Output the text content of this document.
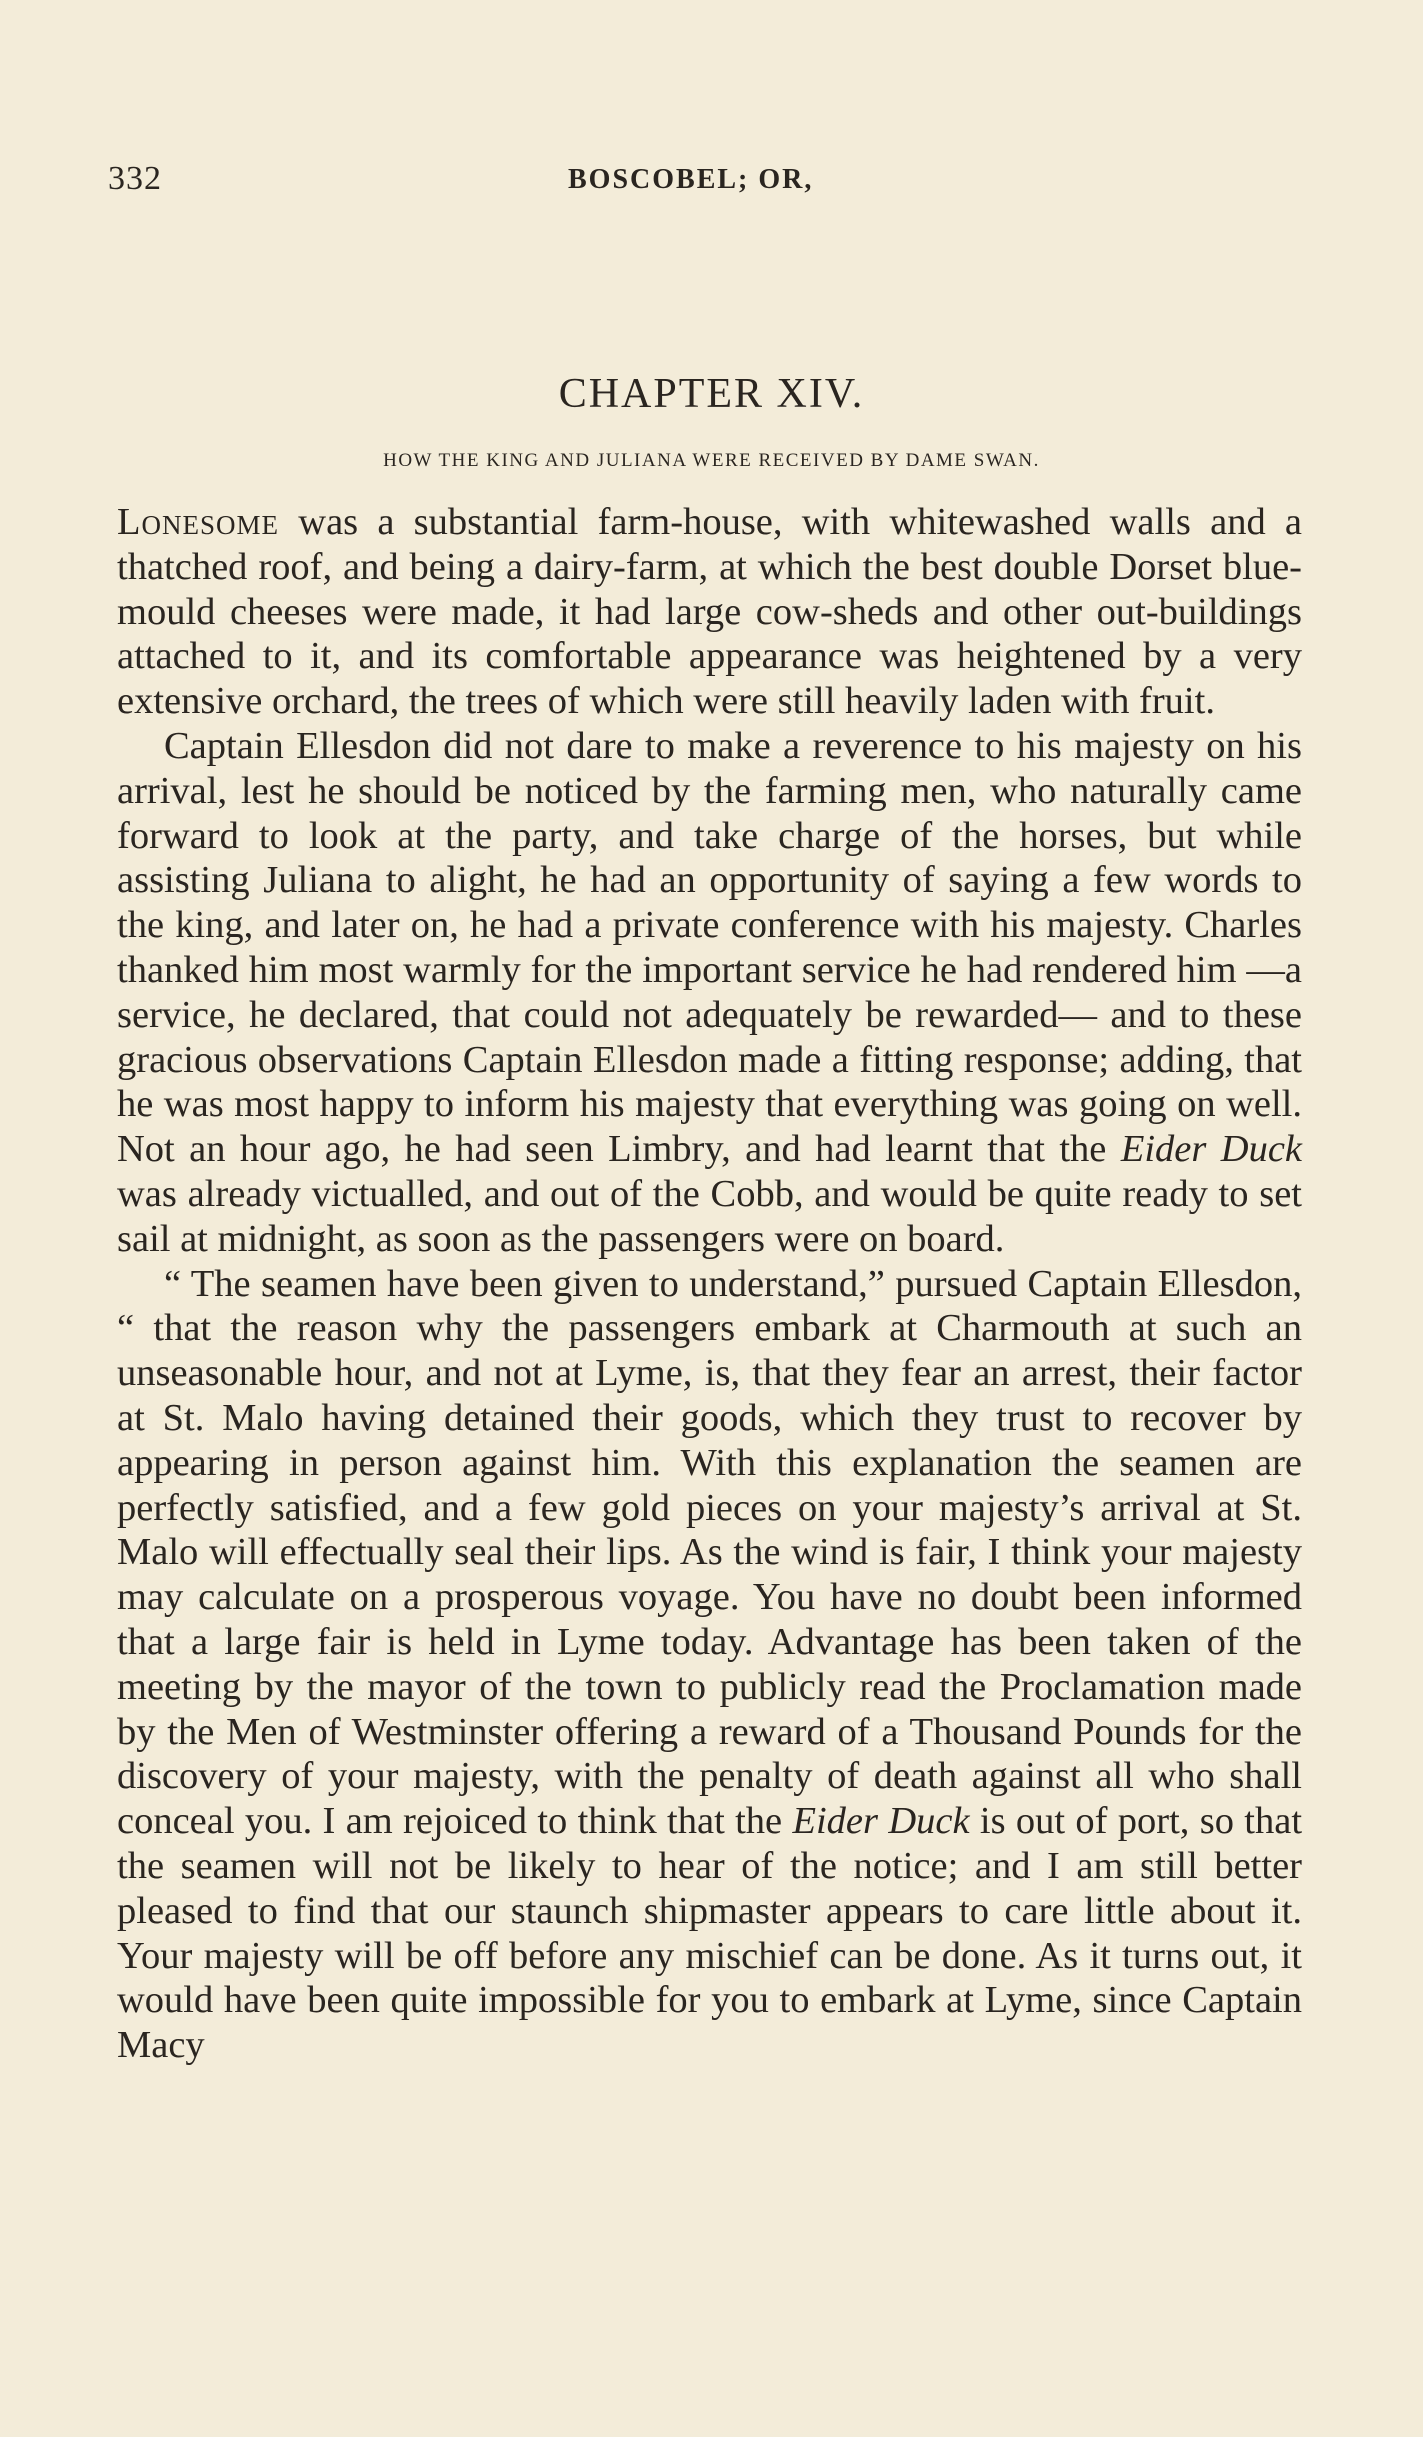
332	BOSCOBEL; OR,
CHAPTER XIV.
HOW THE KING AND JULIANA WERE RECEIVED BY DAME SWAN.

Lonesome was a substantial farm-house, with whitewashed walls and a thatched roof, and being a dairy-farm, at which the best double Dorset blue-mould cheeses were made, it had large cow-sheds and other out-buildings attached to it, and its comfortable appearance was heightened by a very extensive orchard, the trees of which were still heavily laden with fruit.

Captain Ellesdon did not dare to make a reverence to his majesty on his arrival, lest he should be noticed by the farming men, who naturally came forward to look at the party, and take charge of the horses, but while assisting Juliana to alight, he had an opportunity of saying a few words to the king, and later on, he had a private conference with his majesty. Charles thanked him most warmly for the important service he had rendered him —a service, he declared, that could not adequately be rewarded— and to these gracious observations Captain Ellesdon made a fitting response; adding, that he was most happy to inform his majesty that everything was going on well. Not an hour ago, he had seen Limbry, and had learnt that the Eider Duck was already victualled, and out of the Cobb, and would be quite ready to set sail at midnight, as soon as the passengers were on board.

“ The seamen have been given to understand,” pursued Captain Ellesdon, “ that the reason why the passengers embark at Charmouth at such an unseasonable hour, and not at Lyme, is, that they fear an arrest, their factor at St. Malo having detained their goods, which they trust to recover by appearing in person against him. With this explanation the seamen are perfectly satisfied, and a few gold pieces on your majesty’s arrival at St. Malo will effectually seal their lips. As the wind is fair, I think your majesty may calculate on a prosperous voyage. You have no doubt been informed that a large fair is held in Lyme today. Advantage has been taken of the meeting by the mayor of the town to publicly read the Proclamation made by the Men of Westminster offering a reward of a Thousand Pounds for the discovery of your majesty, with the penalty of death against all who shall conceal you. I am rejoiced to think that the Eider Duck is out of port, so that the seamen will not be likely to hear of the notice; and I am still better pleased to find that our staunch shipmaster appears to care little about it. Your majesty will be off before any mischief can be done. As it turns out, it would have been quite impossible for you to embark at Lyme, since Captain Macy
